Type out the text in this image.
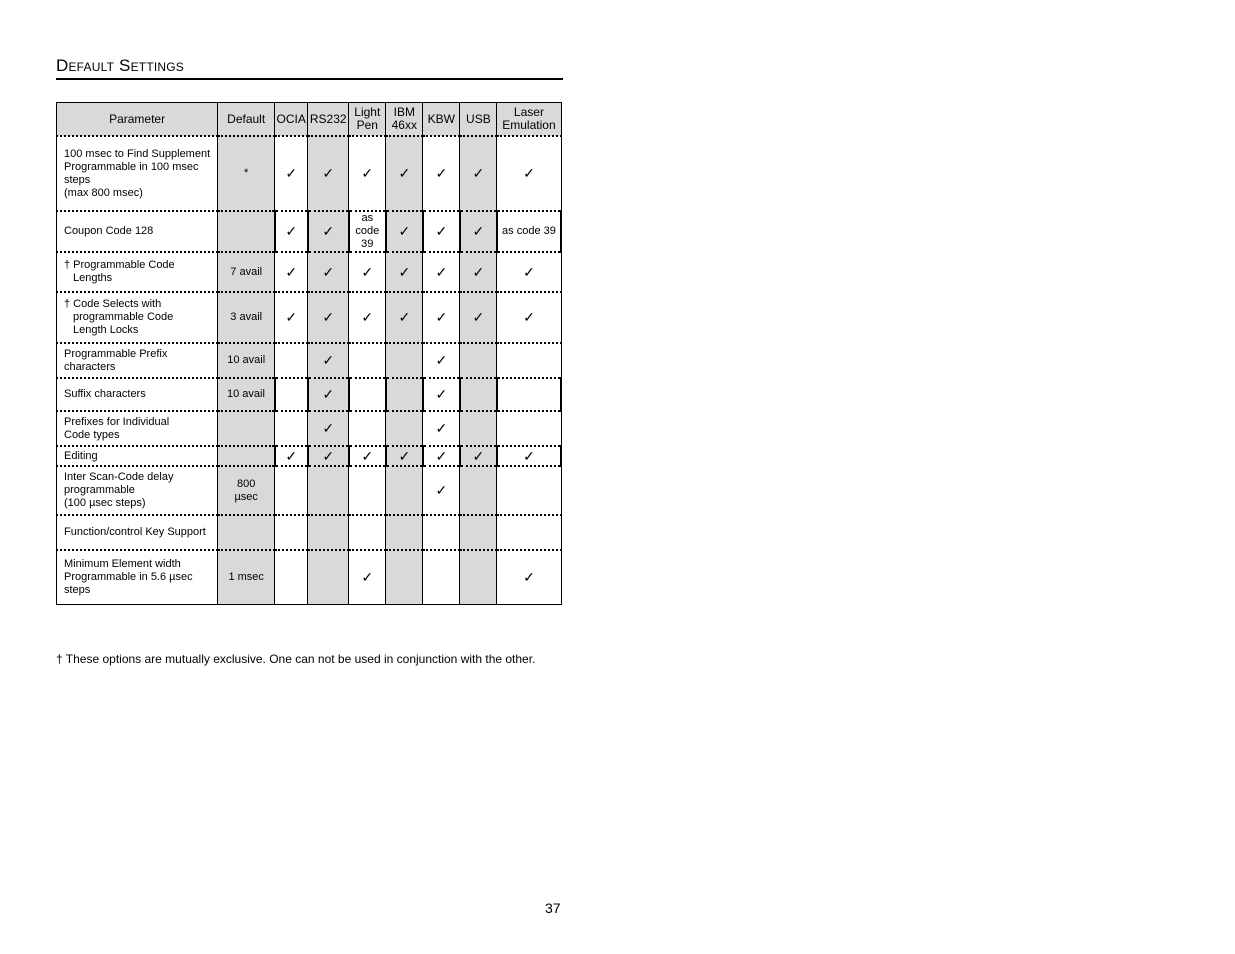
Default Settings
Parameter	Default	OCIA	RS232	Light Pen	IBM 46xx	KBW	USB	Laser Emulation

100 msec to Find Supplement
Programmable in 100 msec
steps
(max 800 msec)	*	✓	✓	✓	✓	✓	✓	✓

Coupon Code 128		✓	✓	as code 39	✓	✓	✓	as code 39

† Programmable Code
Lengths	7 avail	✓	✓	✓	✓	✓	✓	✓

† Code Selects with
programmable Code
Length Locks	3 avail	✓	✓	✓	✓	✓	✓	✓

Programmable Prefix
characters	10 avail		✓			✓		

Suffix characters	10 avail		✓			✓		

Prefixes for Individual
Code types			✓			✓		

Editing		✓	✓	✓	✓	✓	✓	✓

Inter Scan-Code delay
programmable
(100 µsec steps)	800 µsec					✓		

Function/control Key Support								

Minimum Element width
Programmable in 5.6 µsec
steps	1 msec			✓				✓
† These options are mutually exclusive. One can not be used in conjunction with the other.
37
